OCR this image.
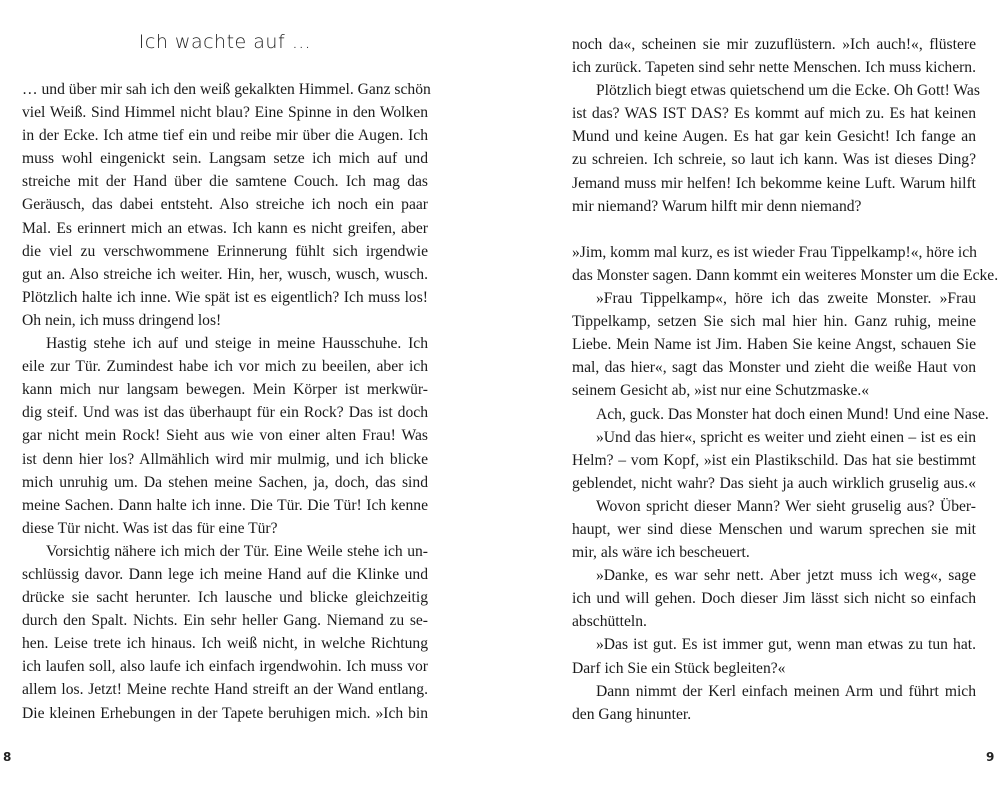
Ich wachte auf …
… und über mir sah ich den weiß gekalkten Himmel. Ganz schön
viel Weiß. Sind Himmel nicht blau? Eine Spinne in den Wolken
in der Ecke. Ich atme tief ein und reibe mir über die Augen. Ich
muss wohl eingenickt sein. Langsam setze ich mich auf und
streiche mit der Hand über die samtene Couch. Ich mag das
Geräusch, das dabei entsteht. Also streiche ich noch ein paar
Mal. Es erinnert mich an etwas. Ich kann es nicht greifen, aber
die viel zu verschwommene Erinnerung fühlt sich irgendwie
gut an. Also streiche ich weiter. Hin, her, wusch, wusch, wusch.
Plötzlich halte ich inne. Wie spät ist es eigentlich? Ich muss los!
Oh nein, ich muss dringend los!
Hastig stehe ich auf und steige in meine Hausschuhe. Ich
eile zur Tür. Zumindest habe ich vor mich zu beeilen, aber ich
kann mich nur langsam bewegen. Mein Körper ist merkwür-
dig steif. Und was ist das überhaupt für ein Rock? Das ist doch
gar nicht mein Rock! Sieht aus wie von einer alten Frau! Was
ist denn hier los? Allmählich wird mir mulmig, und ich blicke
mich unruhig um. Da stehen meine Sachen, ja, doch, das sind
meine Sachen. Dann halte ich inne. Die Tür. Die Tür! Ich kenne
diese Tür nicht. Was ist das für eine Tür?
Vorsichtig nähere ich mich der Tür. Eine Weile stehe ich un-
schlüssig davor. Dann lege ich meine Hand auf die Klinke und
drücke sie sacht herunter. Ich lausche und blicke gleichzeitig
durch den Spalt. Nichts. Ein sehr heller Gang. Niemand zu se-
hen. Leise trete ich hinaus. Ich weiß nicht, in welche Richtung
ich laufen soll, also laufe ich einfach irgendwohin. Ich muss vor
allem los. Jetzt! Meine rechte Hand streift an der Wand entlang.
Die kleinen Erhebungen in der Tapete beruhigen mich. »Ich bin
noch da«, scheinen sie mir zuzuflüstern. »Ich auch!«, flüstere
ich zurück. Tapeten sind sehr nette Menschen. Ich muss kichern.
Plötzlich biegt etwas quietschend um die Ecke. Oh Gott! Was
ist das? WAS IST DAS? Es kommt auf mich zu. Es hat keinen
Mund und keine Augen. Es hat gar kein Gesicht! Ich fange an
zu schreien. Ich schreie, so laut ich kann. Was ist dieses Ding?
Jemand muss mir helfen! Ich bekomme keine Luft. Warum hilft
mir niemand? Warum hilft mir denn niemand?

»Jim, komm mal kurz, es ist wieder Frau Tippelkamp!«, höre ich
das Monster sagen. Dann kommt ein weiteres Monster um die Ecke.
»Frau Tippelkamp«, höre ich das zweite Monster. »Frau
Tippelkamp, setzen Sie sich mal hier hin. Ganz ruhig, meine
Liebe. Mein Name ist Jim. Haben Sie keine Angst, schauen Sie
mal, das hier«, sagt das Monster und zieht die weiße Haut von
seinem Gesicht ab, »ist nur eine Schutzmaske.«
Ach, guck. Das Monster hat doch einen Mund! Und eine Nase.
»Und das hier«, spricht es weiter und zieht einen – ist es ein
Helm? – vom Kopf, »ist ein Plastikschild. Das hat sie bestimmt
geblendet, nicht wahr? Das sieht ja auch wirklich gruselig aus.«
Wovon spricht dieser Mann? Wer sieht gruselig aus? Über-
haupt, wer sind diese Menschen und warum sprechen sie mit
mir, als wäre ich bescheuert.
»Danke, es war sehr nett. Aber jetzt muss ich weg«, sage
ich und will gehen. Doch dieser Jim lässt sich nicht so einfach
abschütteln.
»Das ist gut. Es ist immer gut, wenn man etwas zu tun hat.
Darf ich Sie ein Stück begleiten?«
Dann nimmt der Kerl einfach meinen Arm und führt mich
den Gang hinunter.
8	9
